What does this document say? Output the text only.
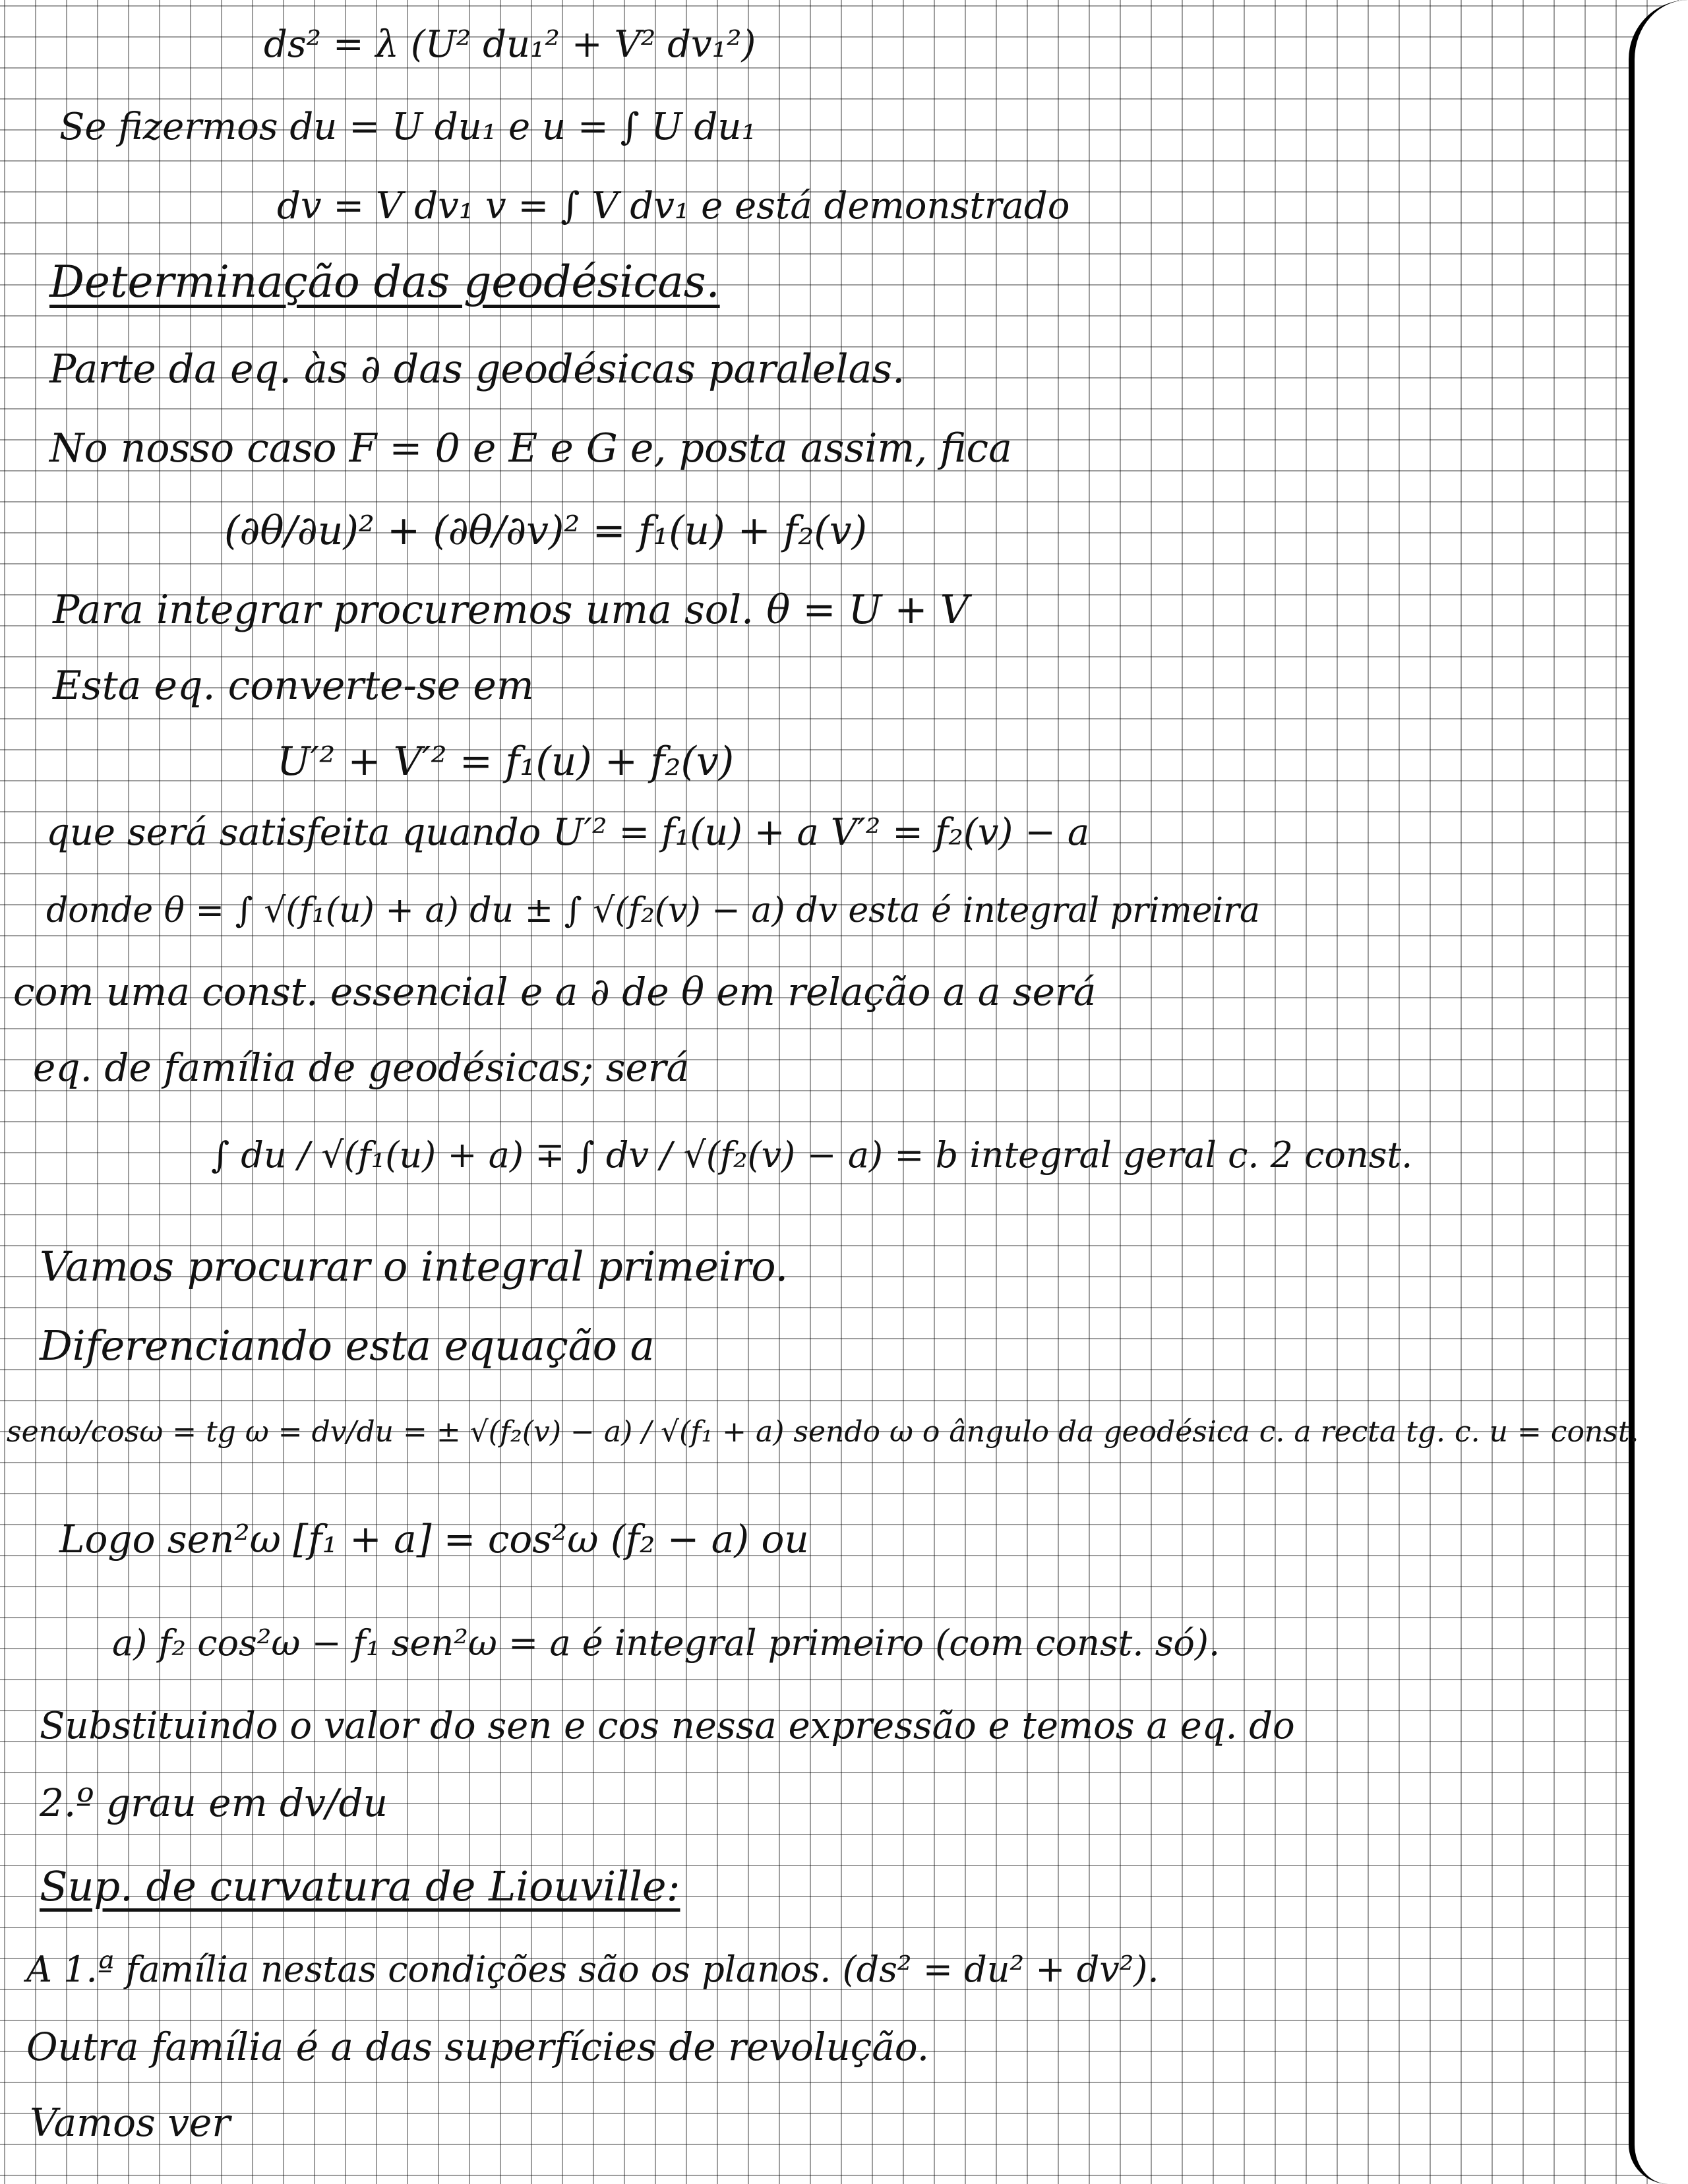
ds² = λ (U² du₁² + V² dv₁²)

Se fizermos du = U du₁ e u = ∫ U du₁

dv = V dv₁ v = ∫ V dv₁ e está demonstrado

Determinação das geodésicas.

Parte da eq. às ∂ das geodésicas paralelas.

No nosso caso F = 0 e E e G e, posta assim, fica

(∂θ/∂u)² + (∂θ/∂v)² = f₁(u) + f₂(v)

Para integrar procuremos uma sol. θ = U + V

Esta eq. converte-se em

U′² + V′² = f₁(u) + f₂(v)

que será satisfeita quando U′² = f₁(u) + a V′² = f₂(v) − a

donde θ = ∫ √(f₁(u) + a) du ± ∫ √(f₂(v) − a) dv esta é integral primeira

com uma const. essencial e a ∂ de θ em relação a a será

eq. de família de geodésicas; será

∫ du / √(f₁(u) + a) ∓ ∫ dv / √(f₂(v) − a) = b integral geral c. 2 const.

Vamos procurar o integral primeiro.

Diferenciando esta equação a

senω/cosω = tg ω = dv/du = ± √(f₂(v) − a) / √(f₁ + a) sendo ω o ângulo da geodésica c. a recta tg. c. u = const.

Logo sen²ω [f₁ + a] = cos²ω (f₂ − a) ou

a) f₂ cos²ω − f₁ sen²ω = a é integral primeiro (com const. só).

Substituindo o valor do sen e cos nessa expressão e temos a eq. do

2.º grau em dv/du

Sup. de curvatura de Liouville:

A 1.ª família nestas condições são os planos. (ds² = du² + dv²).

Outra família é a das superfícies de revolução.

Vamos ver
